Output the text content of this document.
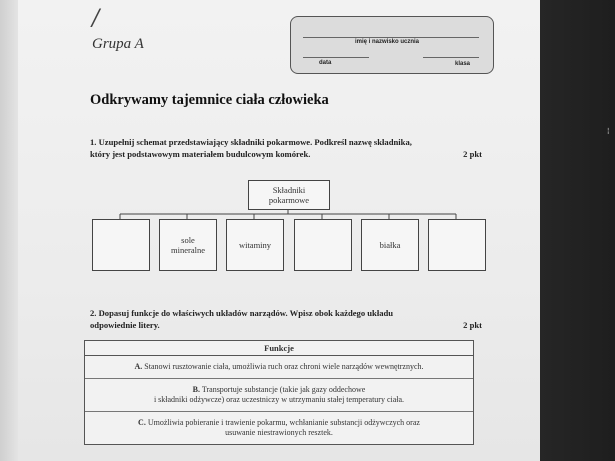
/
Grupa A	imię i nazwisko ucznia
data	klasa
Odkrywamy tajemnice ciała człowieka
1. Uzupełnij schemat przedstawiający składniki pokarmowe. Podkreśl nazwę składnika,
który jest podstawowym materiałem budulcowym komórek.	2 pkt
Składniki
pokarmowe
sole
mineralne	witaminy	białka
2. Dopasuj funkcje do właściwych układów narządów. Wpisz obok każdego układu
odpowiednie litery.	2 pkt
Funkcje
A. Stanowi rusztowanie ciała, umożliwia ruch oraz chroni wiele narządów wewnętrznych.
B. Transportuje substancje (takie jak gazy oddechowe
i składniki odżywcze) oraz uczestniczy w utrzymaniu stałej temperatury ciała.
C. Umożliwia pobieranie i trawienie pokarmu, wchłanianie substancji odżywczych oraz
usuwanie niestrawionych resztek.
¦
